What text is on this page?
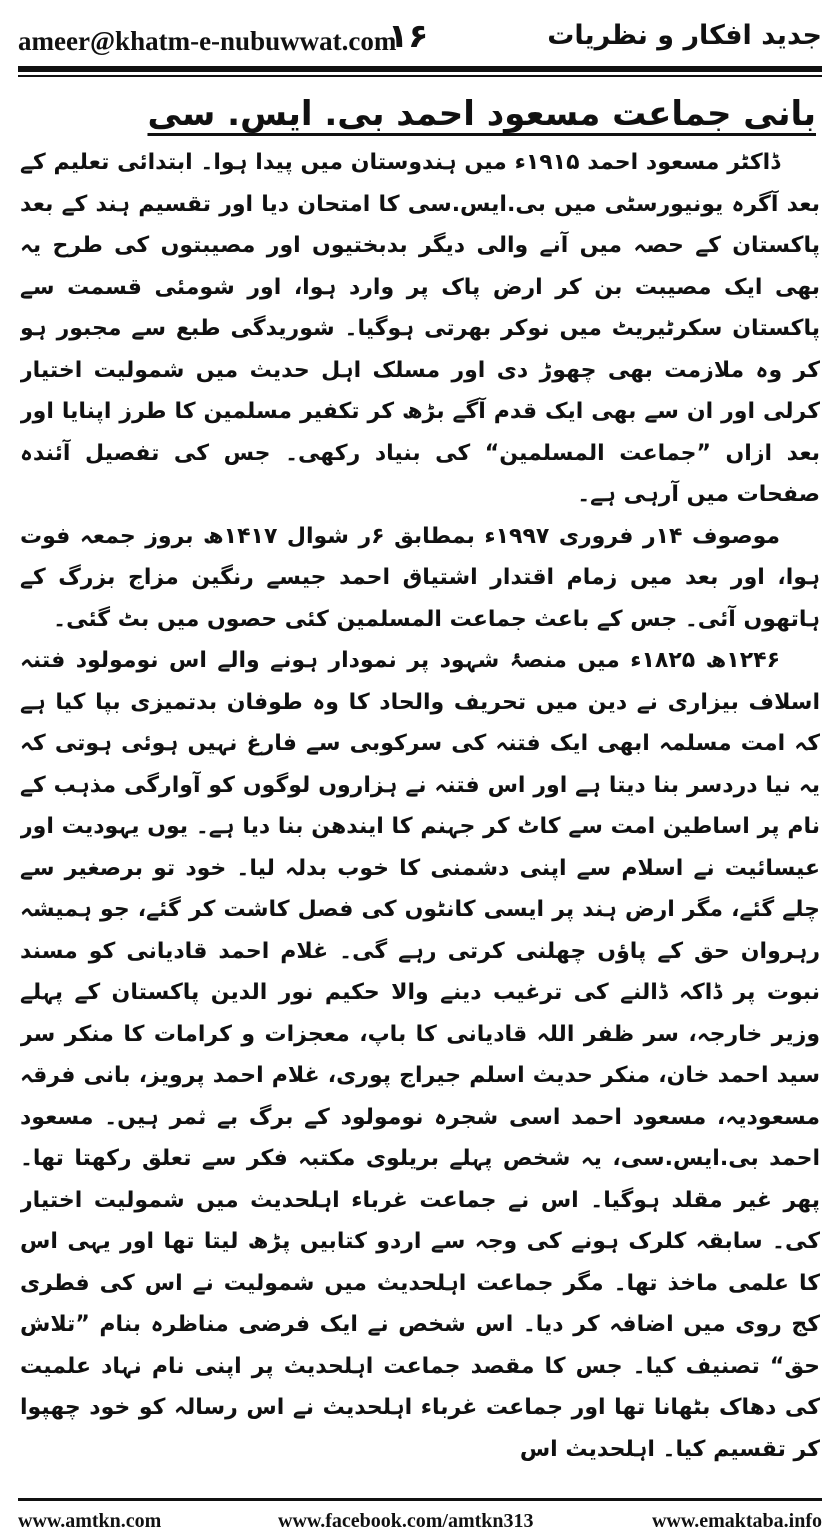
ameer@khatm-e-nubuwwat.com
۱۶	جدید افکار و نظریات
بانی جماعت مسعود احمد بی. ایس. سی

ڈاکٹر مسعود احمد ۱۹۱۵ء میں ہندوستان میں پیدا ہوا۔ ابتدائی تعلیم کے بعد آگرہ یونیورسٹی میں بی.ایس.سی کا امتحان دیا اور تقسیم ہند کے بعد پاکستان کے حصہ میں آنے والی دیگر بدبختیوں اور مصیبتوں کی طرح یہ بھی ایک مصیبت بن کر ارض پاک پر وارد ہوا، اور شومئی قسمت سے پاکستان سکرٹیریٹ میں نوکر بھرتی ہوگیا۔ شوریدگی طبع سے مجبور ہو کر وہ ملازمت بھی چھوڑ دی اور مسلک اہل حدیث میں شمولیت اختیار کرلی اور ان سے بھی ایک قدم آگے بڑھ کر تکفیر مسلمین کا طرز اپنایا اور بعد ازاں ”جماعت المسلمین“ کی بنیاد رکھی۔ جس کی تفصیل آئندہ صفحات میں آرہی ہے۔

موصوف ۱۴ر فروری ۱۹۹۷ء بمطابق ۶ر شوال ۱۴۱۷ھ بروز جمعہ فوت ہوا، اور بعد میں زمام اقتدار اشتیاق احمد جیسے رنگین مزاج بزرگ کے ہاتھوں آئی۔ جس کے باعث جماعت المسلمین کئی حصوں میں بٹ گئی۔

۱۲۴۶ھ ۱۸۲۵ء میں منصۂ شہود پر نمودار ہونے والے اس نومولود فتنہ اسلاف بیزاری نے دین میں تحریف والحاد کا وہ طوفان بدتمیزی بپا کیا ہے کہ امت مسلمہ ابھی ایک فتنہ کی سرکوبی سے فارغ نہیں ہوئی ہوتی کہ یہ نیا دردسر بنا دیتا ہے اور اس فتنہ نے ہزاروں لوگوں کو آوارگی مذہب کے نام پر اساطین امت سے کاٹ کر جہنم کا ایندھن بنا دیا ہے۔ یوں یہودیت اور عیسائیت نے اسلام سے اپنی دشمنی کا خوب بدلہ لیا۔ خود تو برصغیر سے چلے گئے، مگر ارض ہند پر ایسی کانٹوں کی فصل کاشت کر گئے، جو ہمیشہ رہروان حق کے پاؤں چھلنی کرتی رہے گی۔ غلام احمد قادیانی کو مسند نبوت پر ڈاکہ ڈالنے کی ترغیب دینے والا حکیم نور الدین پاکستان کے پہلے وزیر خارجہ، سر ظفر اللہ قادیانی کا باپ، معجزات و کرامات کا منکر سر سید احمد خان، منکر حدیث اسلم جیراج پوری، غلام احمد پرویز، بانی فرقہ مسعودیہ، مسعود احمد اسی شجرہ نومولود کے برگ بے ثمر ہیں۔ مسعود احمد بی.ایس.سی، یہ شخص پہلے بریلوی مکتبہ فکر سے تعلق رکھتا تھا۔ پھر غیر مقلد ہوگیا۔ اس نے جماعت غرباء اہلحدیث میں شمولیت اختیار کی۔ سابقہ کلرک ہونے کی وجہ سے اردو کتابیں پڑھ لیتا تھا اور یہی اس کا علمی ماخذ تھا۔ مگر جماعت اہلحدیث میں شمولیت نے اس کی فطری کج روی میں اضافہ کر دیا۔ اس شخص نے ایک فرضی مناظرہ بنام ”تلاش حق“ تصنیف کیا۔ جس کا مقصد جماعت اہلحدیث پر اپنی نام نہاد علمیت کی دھاک بٹھانا تھا اور جماعت غرباء اہلحدیث نے اس رسالہ کو خود چھپوا کر تقسیم کیا۔ اہلحدیث اس

www.amtkn.com	www.facebook.com/amtkn313	www.emaktaba.info
